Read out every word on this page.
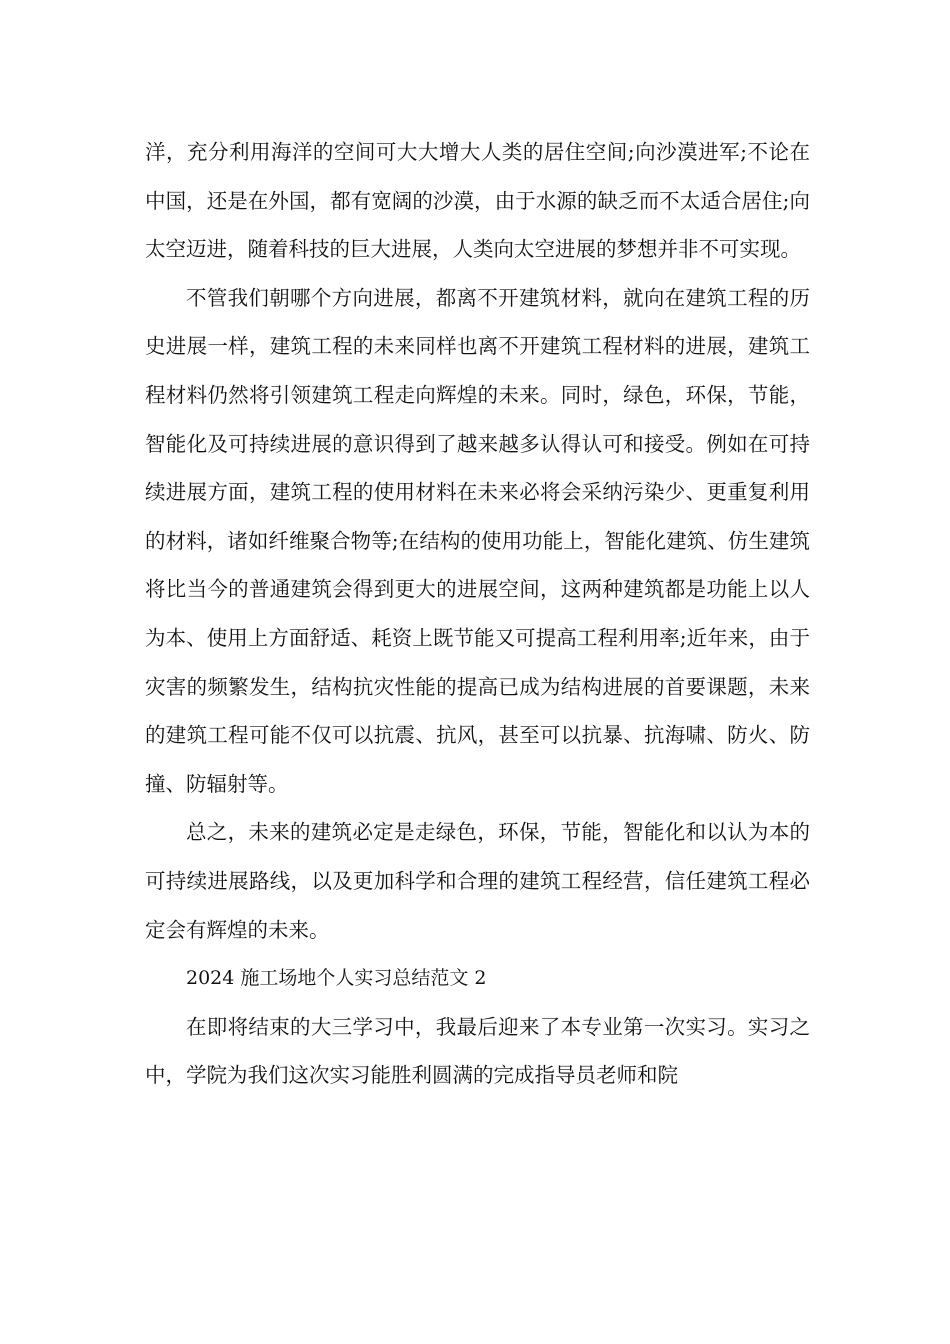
洋，充分利用海洋的空间可大大增大人类的居住空间;向沙漠进军;不论在中国，还是在外国，都有宽阔的沙漠，由于水源的缺乏而不太适合居住;向太空迈进，随着科技的巨大进展，人类向太空进展的梦想并非不可实现。

不管我们朝哪个方向进展，都离不开建筑材料，就向在建筑工程的历史进展一样，建筑工程的未来同样也离不开建筑工程材料的进展，建筑工程材料仍然将引领建筑工程走向辉煌的未来。同时，绿色，环保，节能，智能化及可持续进展的意识得到了越来越多认得认可和接受。例如在可持续进展方面，建筑工程的使用材料在未来必将会采纳污染少、更重复利用的材料，诸如纤维聚合物等;在结构的使用功能上，智能化建筑、仿生建筑将比当今的普通建筑会得到更大的进展空间，这两种建筑都是功能上以人为本、使用上方面舒适、耗资上既节能又可提高工程利用率;近年来，由于灾害的频繁发生，结构抗灾性能的提高已成为结构进展的首要课题，未来的建筑工程可能不仅可以抗震、抗风，甚至可以抗暴、抗海啸、防火、防撞、防辐射等。

总之，未来的建筑必定是走绿色，环保，节能，智能化和以认为本的可持续进展路线，以及更加科学和合理的建筑工程经营，信任建筑工程必定会有辉煌的未来。

2024 施工场地个人实习总结范文 2

在即将结束的大三学习中，我最后迎来了本专业第一次实习。实习之中，学院为我们这次实习能胜利圆满的完成指导员老师和院
